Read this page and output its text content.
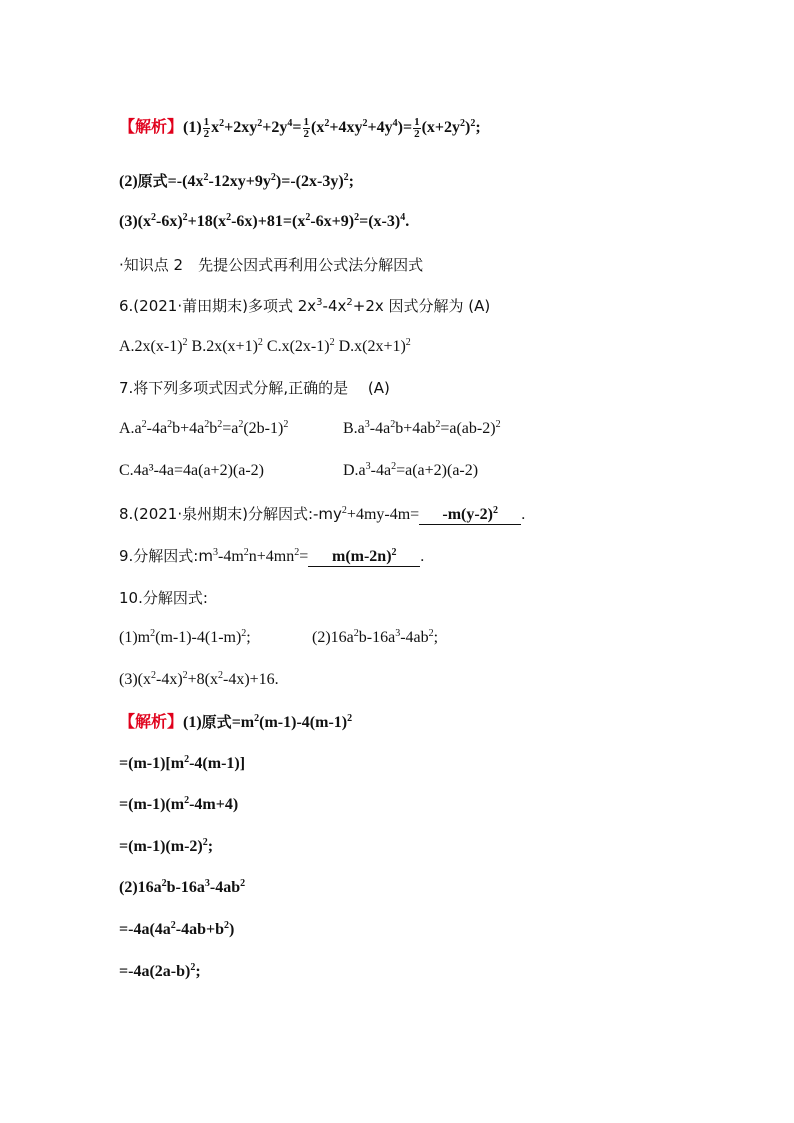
【解析】$(1) \frac{1}{2} x^2+2xy^2+2y^4= \frac{1}{2} (x^2+4xy^2+4y^4)= \frac{1}{2} (x+2y^2)^2$;
(2)原式$=-(4x^2-12xy+9y^2)=-(2x-3y)^2$;
$(3)(x^2-6x)^2+18(x^2-6x)+81=(x^2-6x+9)^2=(x-3)^4$.
·知识点 2　先提公因式再利用公式法分解因式
6.(2021·莆田期末)多项式 $2x^3-4x^2+2x$ 因式分解为 (A)
$A.2x(x-1)^2$ $B.2x(x+1)^2$ $C.x(2x-1)^2$ $D.x(2x+1)^2$
7.将下列多项式因式分解,正确的是　 (A)
$A.a^2-4a^2b+4a^2b^2=a^2(2b-1)^2$	$B.a^3-4a^2b+4ab^2=a(ab-2)^2$
C.4a³-4a=4a(a+2)(a-2)	$D.a^3-4a^2=a(a+2)(a-2)$
8.(2021·泉州期末)分解因式$:-my^2+4my-4m= -m(y-2)^2$ .
9.分解因式$:m^3-4m^2n+4mn^2= m(m-2n)^2$ .
10.分解因式:
$(1)m^2(m-1)-4(1-m)^2$;	$(2)16a^2b-16a^3-4ab^2$;
$(3)(x^2-4x)^2+8(x^2-4x)+16$.
【解析】(1)原式$=m^2(m-1)-4(m-1)^2$
$=(m-1)[m^2-4(m-1)]$
$=(m-1)(m^2-4m+4)$
$=(m-1)(m-2)^2$;
$(2)16a^2b-16a^3-4ab^2$
$=-4a(4a^2-4ab+b^2)$
$=-4a(2a-b)^2$;
